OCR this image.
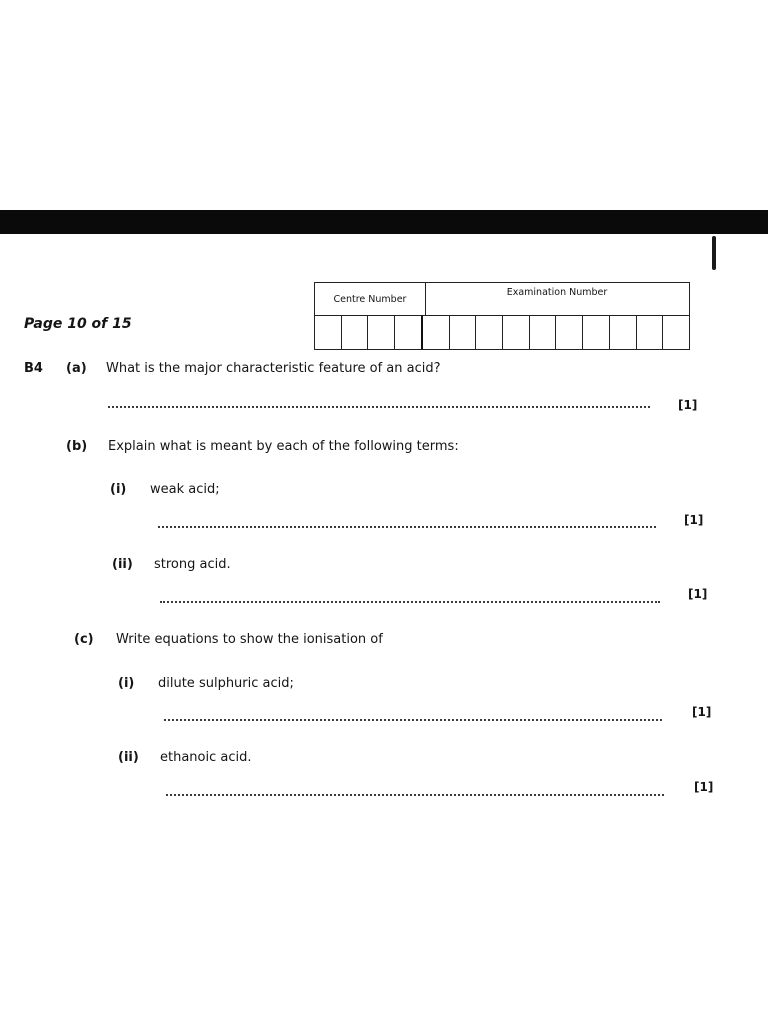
Page 10 of 15
Centre Number
Examination Number
B4 (a) What is the major characteristic feature of an acid?
[1]
(b) Explain what is meant by each of the following terms:
(i) weak acid;
[1]
(ii) strong acid.
[1]
(c) Write equations to show the ionisation of
(i) dilute sulphuric acid;
[1]
(ii) ethanoic acid.
[1]
